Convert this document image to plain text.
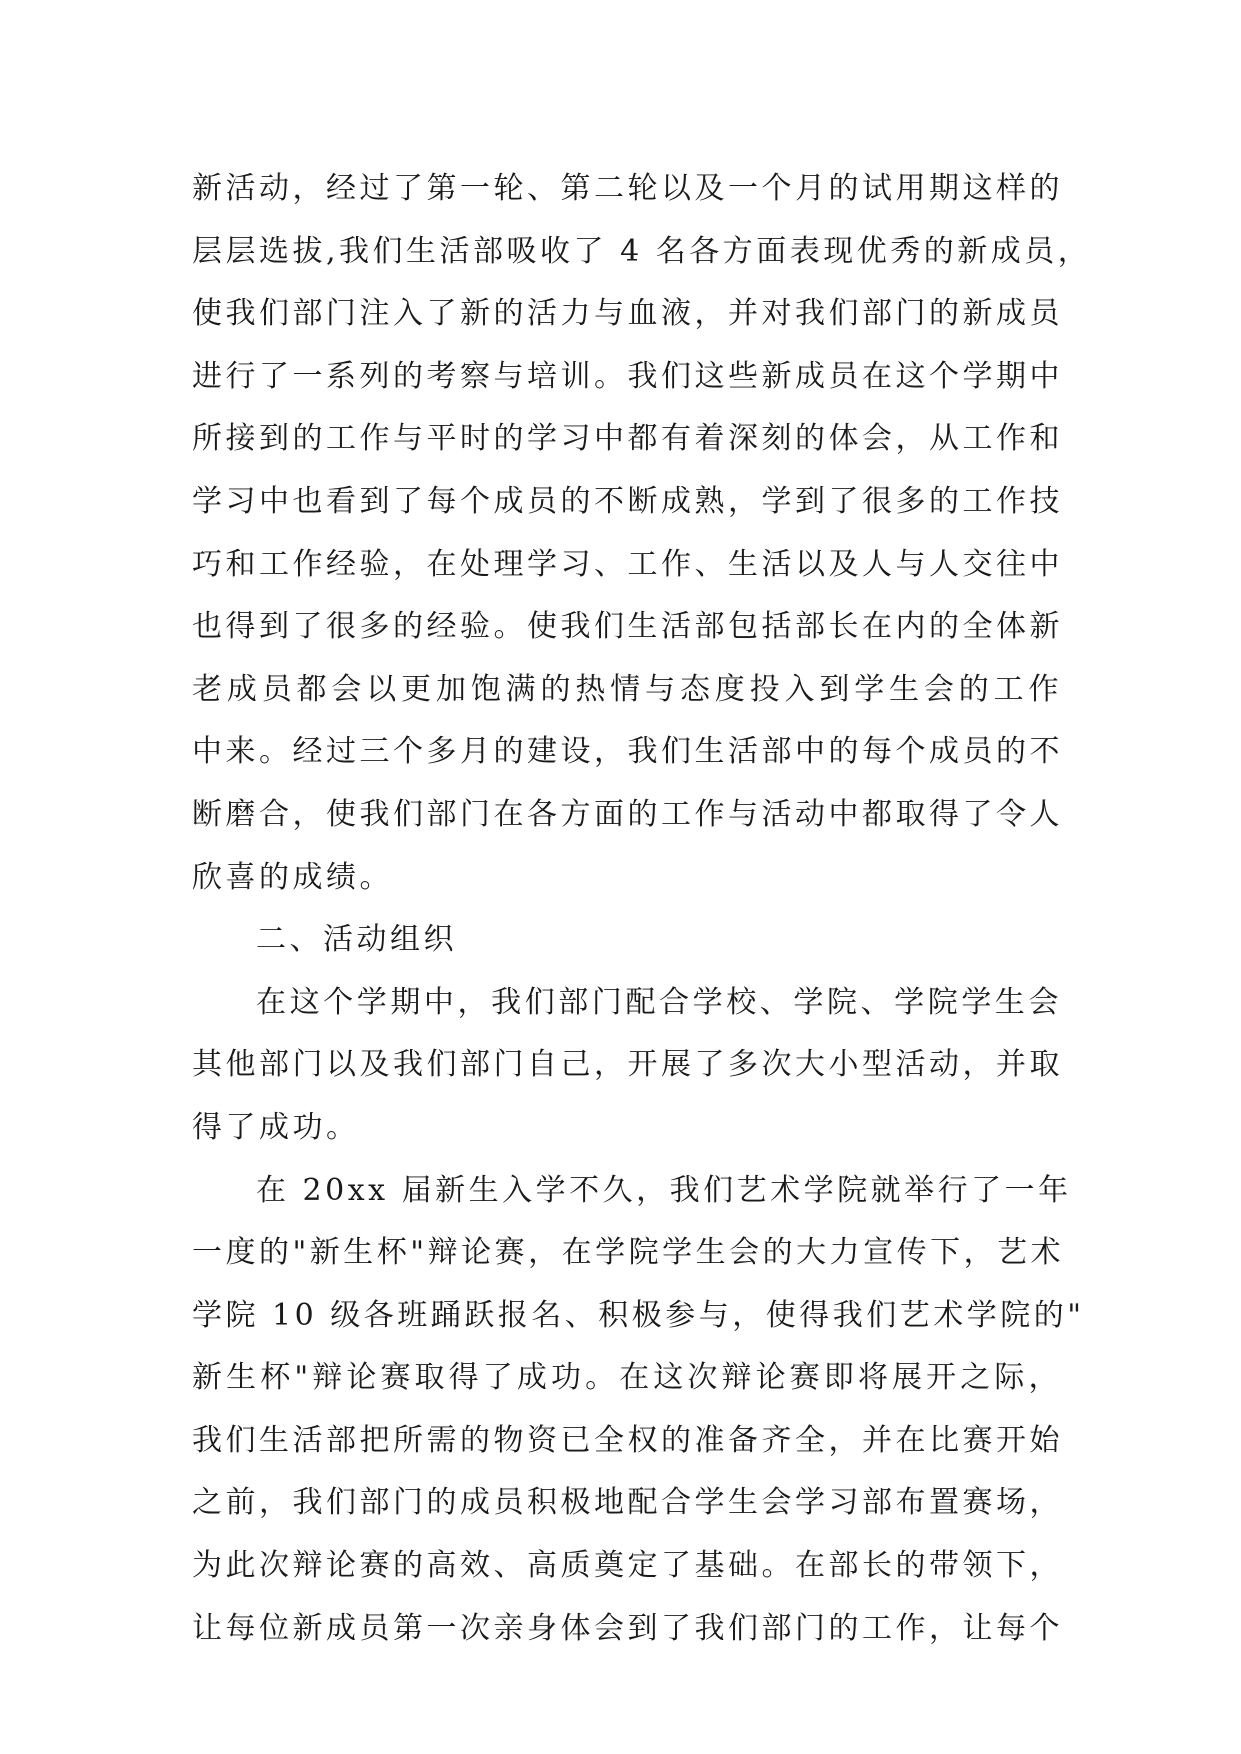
新活动，经过了第一轮、第二轮以及一个月的试用期这样的
层层选拔,我们生活部吸收了 4 名各方面表现优秀的新成员，
使我们部门注入了新的活力与血液，并对我们部门的新成员
进行了一系列的考察与培训。我们这些新成员在这个学期中
所接到的工作与平时的学习中都有着深刻的体会，从工作和
学习中也看到了每个成员的不断成熟，学到了很多的工作技
巧和工作经验，在处理学习、工作、生活以及人与人交往中
也得到了很多的经验。使我们生活部包括部长在内的全体新
老成员都会以更加饱满的热情与态度投入到学生会的工作
中来。经过三个多月的建设，我们生活部中的每个成员的不
断磨合，使我们部门在各方面的工作与活动中都取得了令人
欣喜的成绩。
二、活动组织
在这个学期中，我们部门配合学校、学院、学院学生会
其他部门以及我们部门自己，开展了多次大小型活动，并取
得了成功。
在 20xx 届新生入学不久，我们艺术学院就举行了一年
一度的"新生杯"辩论赛，在学院学生会的大力宣传下，艺术
学院 10 级各班踊跃报名、积极参与，使得我们艺术学院的"
新生杯"辩论赛取得了成功。在这次辩论赛即将展开之际，
我们生活部把所需的物资已全权的准备齐全，并在比赛开始
之前，我们部门的成员积极地配合学生会学习部布置赛场，
为此次辩论赛的高效、高质奠定了基础。在部长的带领下，
让每位新成员第一次亲身体会到了我们部门的工作，让每个
